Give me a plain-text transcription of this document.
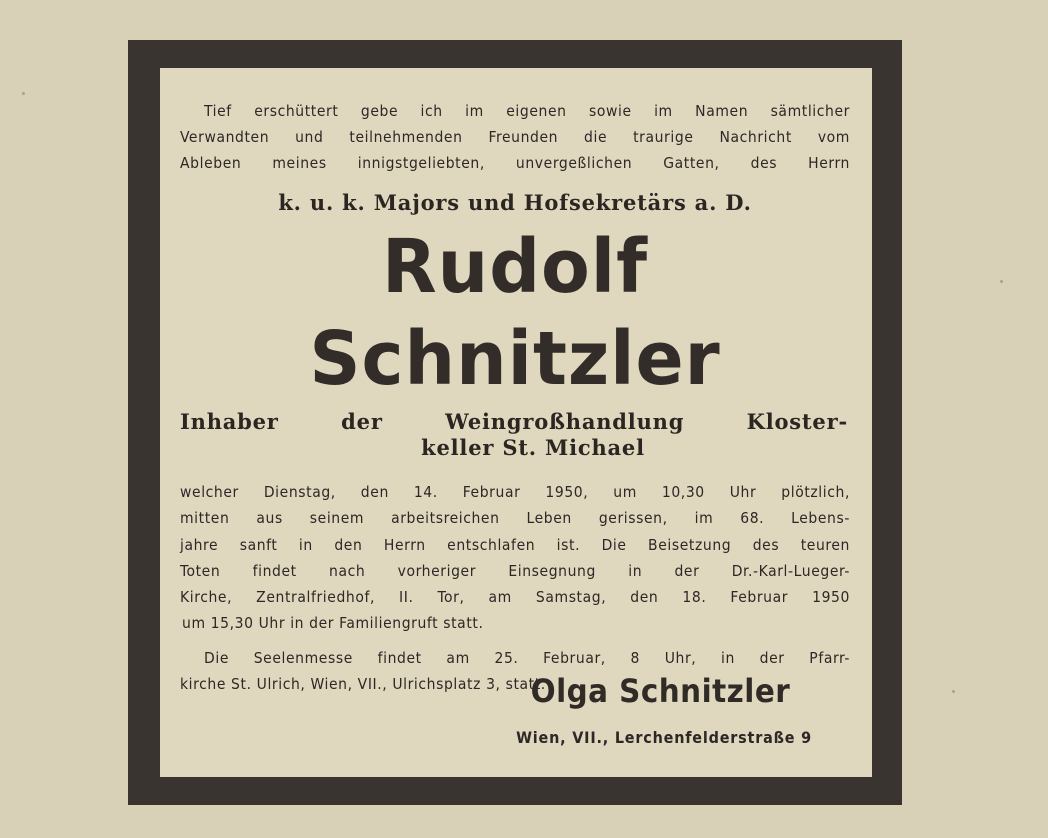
Tief erschüttert gebe ich im eigenen sowie im Namen sämtlicher

Verwandten und teilnehmenden Freunden die traurige Nachricht vom

Ableben meines innigstgeliebten, unvergeßlichen Gatten, des Herrn

k. u. k. Majors und Hofsekretärs a. D.
Rudolf Schnitzler
Inhaber	der	Weingroßhandlung	Kloster-
keller St. Michael
welcher Dienstag, den 14. Februar 1950, um 10,30 Uhr plötzlich,
mitten aus seinem arbeitsreichen Leben gerissen, im 68. Lebens-
jahre sanft in den Herrn entschlafen ist. Die Beisetzung des teuren
Toten findet nach vorheriger Einsegnung in der Dr.-Karl-Lueger-
Kirche, Zentralfriedhof, II. Tor, am Samstag, den 18. Februar 1950
um 15,30 Uhr in der Familiengruft statt.
Die Seelenmesse findet am 25. Februar, 8 Uhr, in der Pfarr-
kirche St. Ulrich, Wien, VII., Ulrichsplatz 3, statt.
Olga Schnitzler
Wien, VII., Lerchenfelderstraße 9
